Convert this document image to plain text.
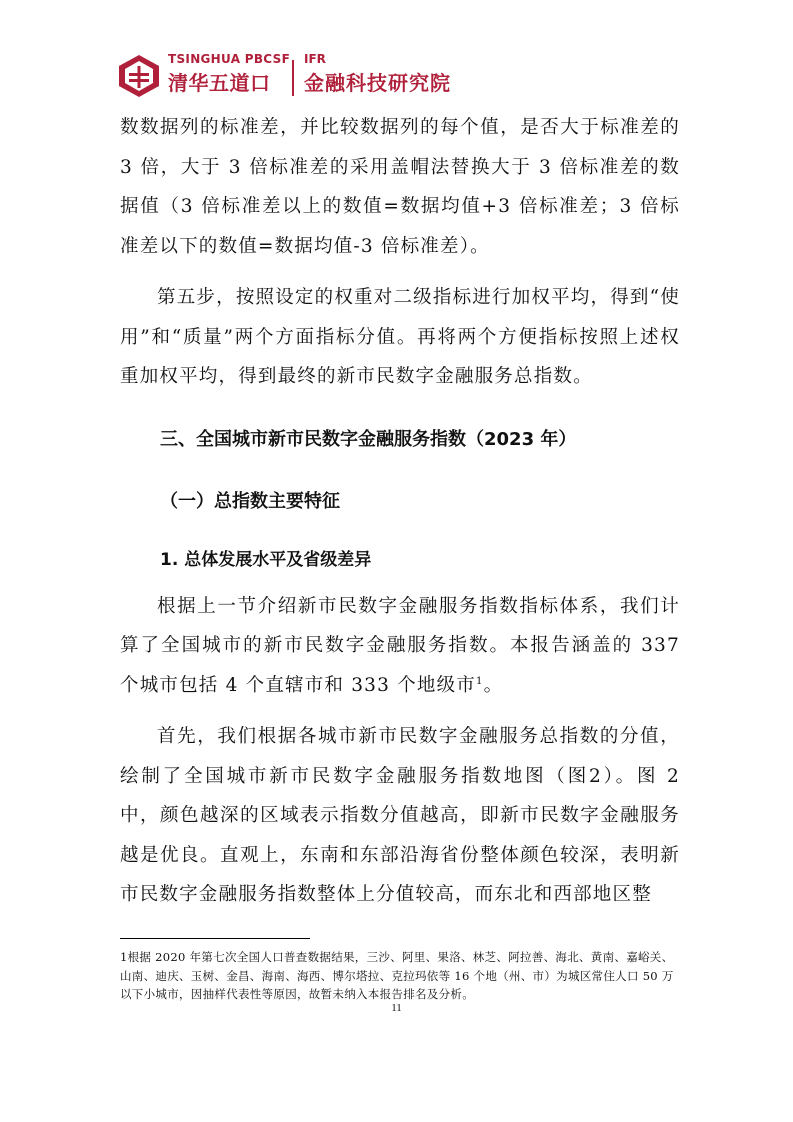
TSINGHUA PBCSF
清华五道口
IFR
金融科技研究院

数数据列的标准差，并比较数据列的每个值，是否大于标准差的 3 倍，大于 3 倍标准差的采用盖帽法替换大于 3 倍标准差的数据值（3 倍标准差以上的数值=数据均值+3 倍标准差；3 倍标准差以下的数值=数据均值-3 倍标准差）。

第五步，按照设定的权重对二级指标进行加权平均，得到“使用”和“质量”两个方面指标分值。再将两个方便指标按照上述权重加权平均，得到最终的新市民数字金融服务总指数。

三、全国城市新市民数字金融服务指数（2023 年）
（一）总指数主要特征
1. 总体发展水平及省级差异

根据上一节介绍新市民数字金融服务指数指标体系，我们计算了全国城市的新市民数字金融服务指数。本报告涵盖的 337 个城市包括 4 个直辖市和 333 个地级市$^1$。

首先，我们根据各城市新市民数字金融服务总指数的分值，绘制了全国城市新市民数字金融服务指数地图（图2）。图 2 中，颜色越深的区域表示指数分值越高，即新市民数字金融服务越是优良。直观上，东南和东部沿海省份整体颜色较深，表明新市民数字金融服务指数整体上分值较高，而东北和西部地区整

1根据 2020 年第七次全国人口普查数据结果，三沙、阿里、果洛、林芝、阿拉善、海北、黄南、嘉峪关、山南、迪庆、玉树、金昌、海南、海西、博尔塔拉、克拉玛依等 16 个地（州、市）为城区常住人口 50 万以下小城市，因抽样代表性等原因，故暂未纳入本报告排名及分析。
11
